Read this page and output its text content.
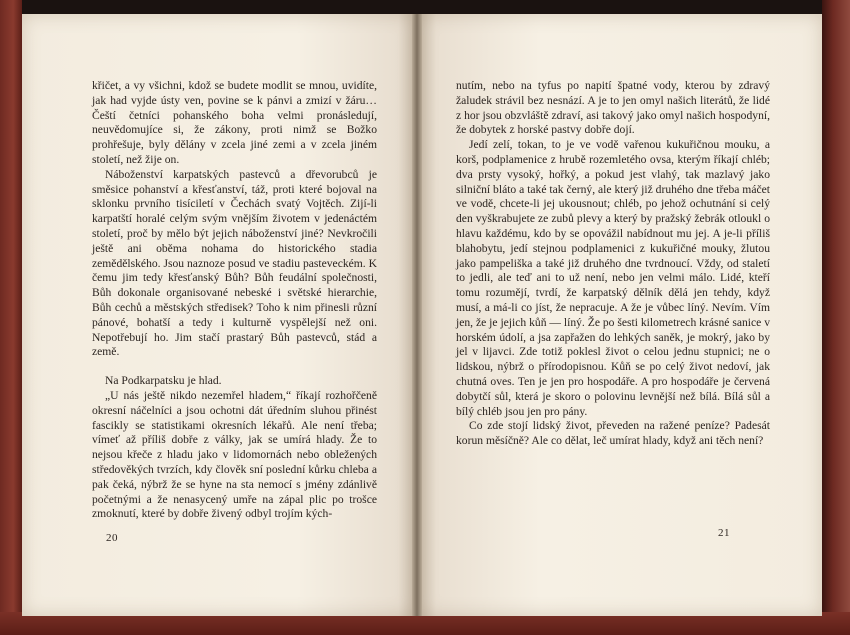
křičet, a vy všichni, kdož se budete modlit se mnou, uvidíte, jak had vyjde ústy ven, povine se k pánvi a zmizí v žáru… Čeští četníci pohanského boha velmi pronásledují, neuvědomujíce si, že zákony, proti nimž se Božko prohřešuje, byly dělány v zcela jiné zemi a v zcela jiném století, než žije on.

Náboženství karpatských pastevců a dřevorubců je směsice pohanství a křesťanství, táž, proti které bojoval na sklonku prvního tisíciletí v Čechách svatý Vojtěch. Zijí-li karpatští horalé celým svým vnějším životem v jedenáctém století, proč by mělo být jejich náboženství jiné? Nevkročili ještě ani oběma nohama do historického stadia zemědělského. Jsou naznoze posud ve stadiu pasteveckém. K čemu jim tedy křesťanský Bůh? Bůh feudální společnosti, Bůh dokonale organisované nebeské i světské hierarchie, Bůh cechů a městských středisek? Toho k nim přinesli různí pánové, bohatší a tedy i kulturně vyspělejší než oni. Nepotřebují ho. Jim stačí prastarý Bůh pastevců, stád a země.

Na Podkarpatsku je hlad.

„U nás ještě nikdo nezemřel hladem,“ říkají rozhořčeně okresní náčelníci a jsou ochotni dát úředním sluhou přinést fascikly se statistikami okresních lékařů. Ale není třeba; vímeť až příliš dobře z války, jak se umírá hlady. Že to nejsou křeče z hladu jako v lidomornách nebo obležených středověkých tvrzích, kdy člověk sní poslední kůrku chleba a pak čeká, nýbrž že se hyne na sta nemocí s jmény zdánlivě početnými a že nenasycený umře na zápal plic po trošce zmoknutí, které by dobře živený odbyl trojím kých-

20

nutím, nebo na tyfus po napití špatné vody, kterou by zdravý žaludek strávil bez nesnází. A je to jen omyl našich literátů, že lidé z hor jsou obzvláště zdraví, asi takový jako omyl našich hospodyní, že dobytek z horské pastvy dobře dojí.

Jedí zelí, tokan, to je ve vodě vařenou kukuřičnou mouku, a korš, podplamenice z hrubě rozemletého ovsa, kterým říkají chléb; dva prsty vysoký, hořký, a pokud jest vlahý, tak mazlavý jako silniční bláto a také tak černý, ale který již druhého dne třeba máčet ve vodě, chcete-li jej ukousnout; chléb, po jehož ochutnání si celý den vyškrabujete ze zubů plevy a který by pražský žebrák otloukl o hlavu každému, kdo by se opovážil nabídnout mu jej. A je-li příliš blahobytu, jedí stejnou podplamenici z kukuřičné mouky, žlutou jako pampeliška a také již druhého dne tvrdnoucí. Vždy, od staletí to jedli, ale teď ani to už není, nebo jen velmi málo. Lidé, kteří tomu rozumějí, tvrdí, že karpatský dělník dělá jen tehdy, když musí, a má-li co jíst, že nepracuje. A že je vůbec líný. Nevím. Vím jen, že je jejich kůň — líný. Že po šesti kilometrech krásné sanice v horském údolí, a jsa zapřažen do lehkých saněk, je mokrý, jako by jel v lijavci. Zde totiž poklesl život o celou jednu stupnici; ne o lidskou, nýbrž o přírodopisnou. Kůň se po celý život nedoví, jak chutná oves. Ten je jen pro hospodáře. A pro hospodáře je červená dobytčí sůl, která je skoro o polovinu levnější než bílá. Bílá sůl a bílý chléb jsou jen pro pány.

Co zde stojí lidský život, převeden na ražené peníze? Padesát korun měsíčně? Ale co dělat, leč umírat hlady, když ani těch není?

21
